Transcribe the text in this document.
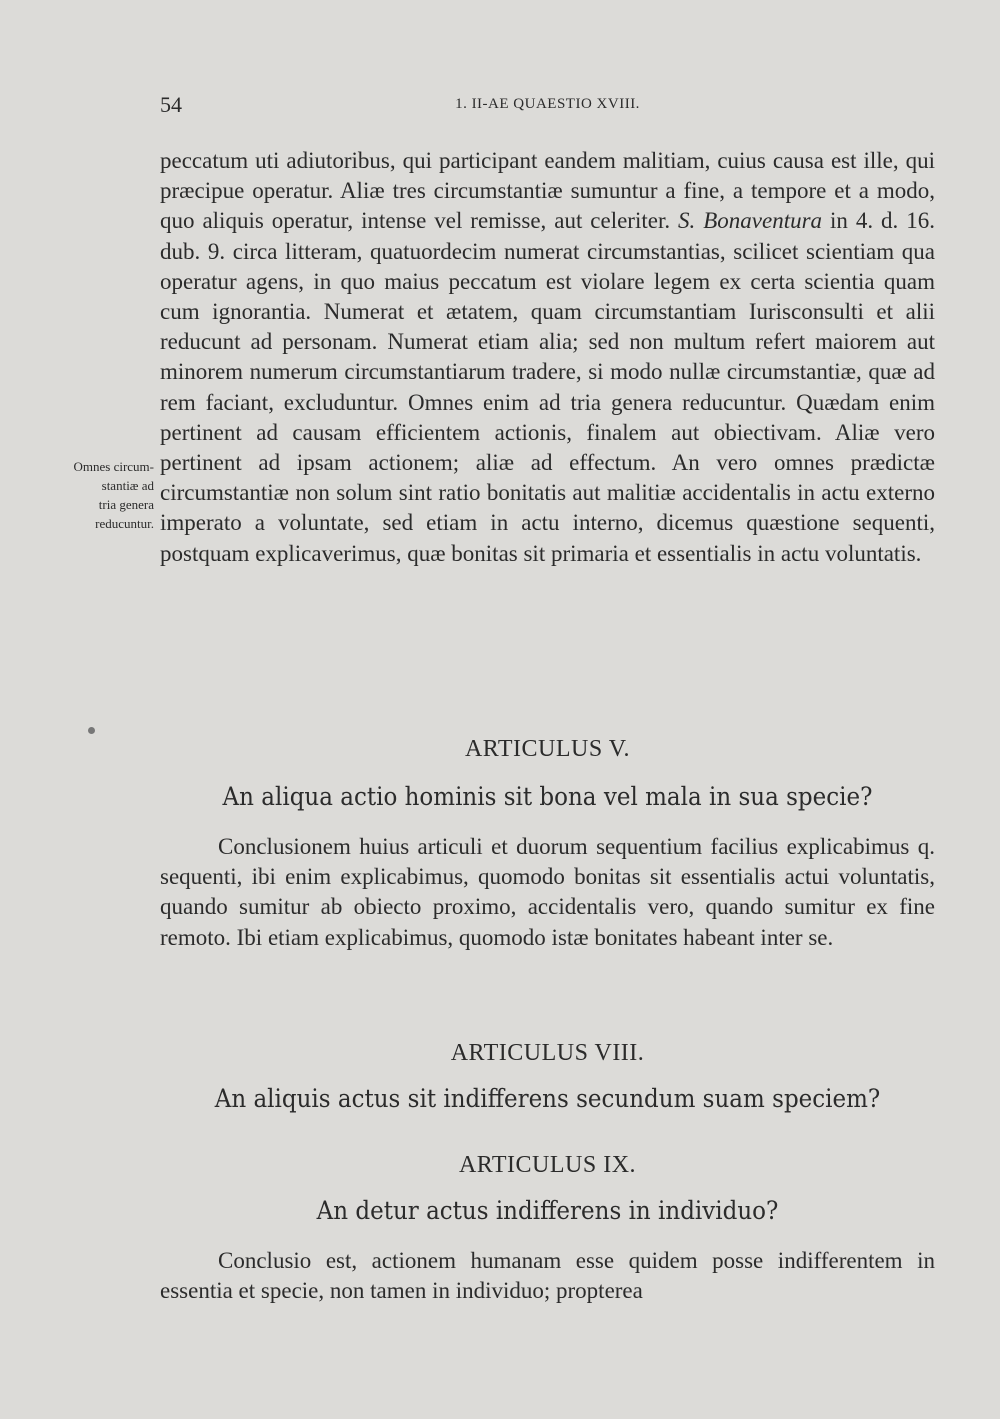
54	1. II-AE QUAESTIO XVIII.

peccatum uti adiutoribus, qui participant eandem malitiam, cuius causa est ille, qui præcipue operatur. Aliæ tres circumstantiæ sumuntur a fine, a tempore et a modo, quo aliquis operatur, intense vel remisse, aut celeriter. S. Bonaventura in 4. d. 16. dub. 9. circa litteram, quatuordecim numerat circumstantias, scilicet scientiam qua operatur agens, in quo maius peccatum est violare legem ex certa scientia quam cum ignorantia. Numerat et ætatem, quam circumstantiam Iurisconsulti et alii reducunt ad personam. Numerat etiam alia; sed non multum refert maiorem aut minorem numerum circumstantiarum tradere, si modo nullæ circumstantiæ, quæ ad rem faciant, excluduntur. Omnes enim ad tria genera reducuntur. Quædam enim pertinent ad causam efficientem actionis, finalem aut obiectivam. Aliæ vero pertinent ad ipsam actionem; aliæ ad effectum. An vero omnes prædictæ circumstantiæ non solum sint ratio bonitatis aut malitiæ accidentalis in actu externo imperato a voluntate, sed etiam in actu interno, dicemus quæstione sequenti, postquam explicaverimus, quæ bonitas sit primaria et essentialis in actu voluntatis.

Omnes circum-
stantiæ ad
tria genera
reducuntur.
ARTICULUS V.
An aliqua actio hominis sit bona vel mala in sua specie?

Conclusionem huius articuli et duorum sequentium facilius explicabimus q. sequenti, ibi enim explicabimus, quomodo bonitas sit essentialis actui voluntatis, quando sumitur ab obiecto proximo, accidentalis vero, quando sumitur ex fine remoto. Ibi etiam explicabimus, quomodo istæ bonitates habeant inter se.

ARTICULUS VIII.
An aliquis actus sit indifferens secundum suam speciem?
ARTICULUS IX.
An detur actus indifferens in individuo?

Conclusio est, actionem humanam esse quidem posse indifferentem in essentia et specie, non tamen in individuo; propterea
